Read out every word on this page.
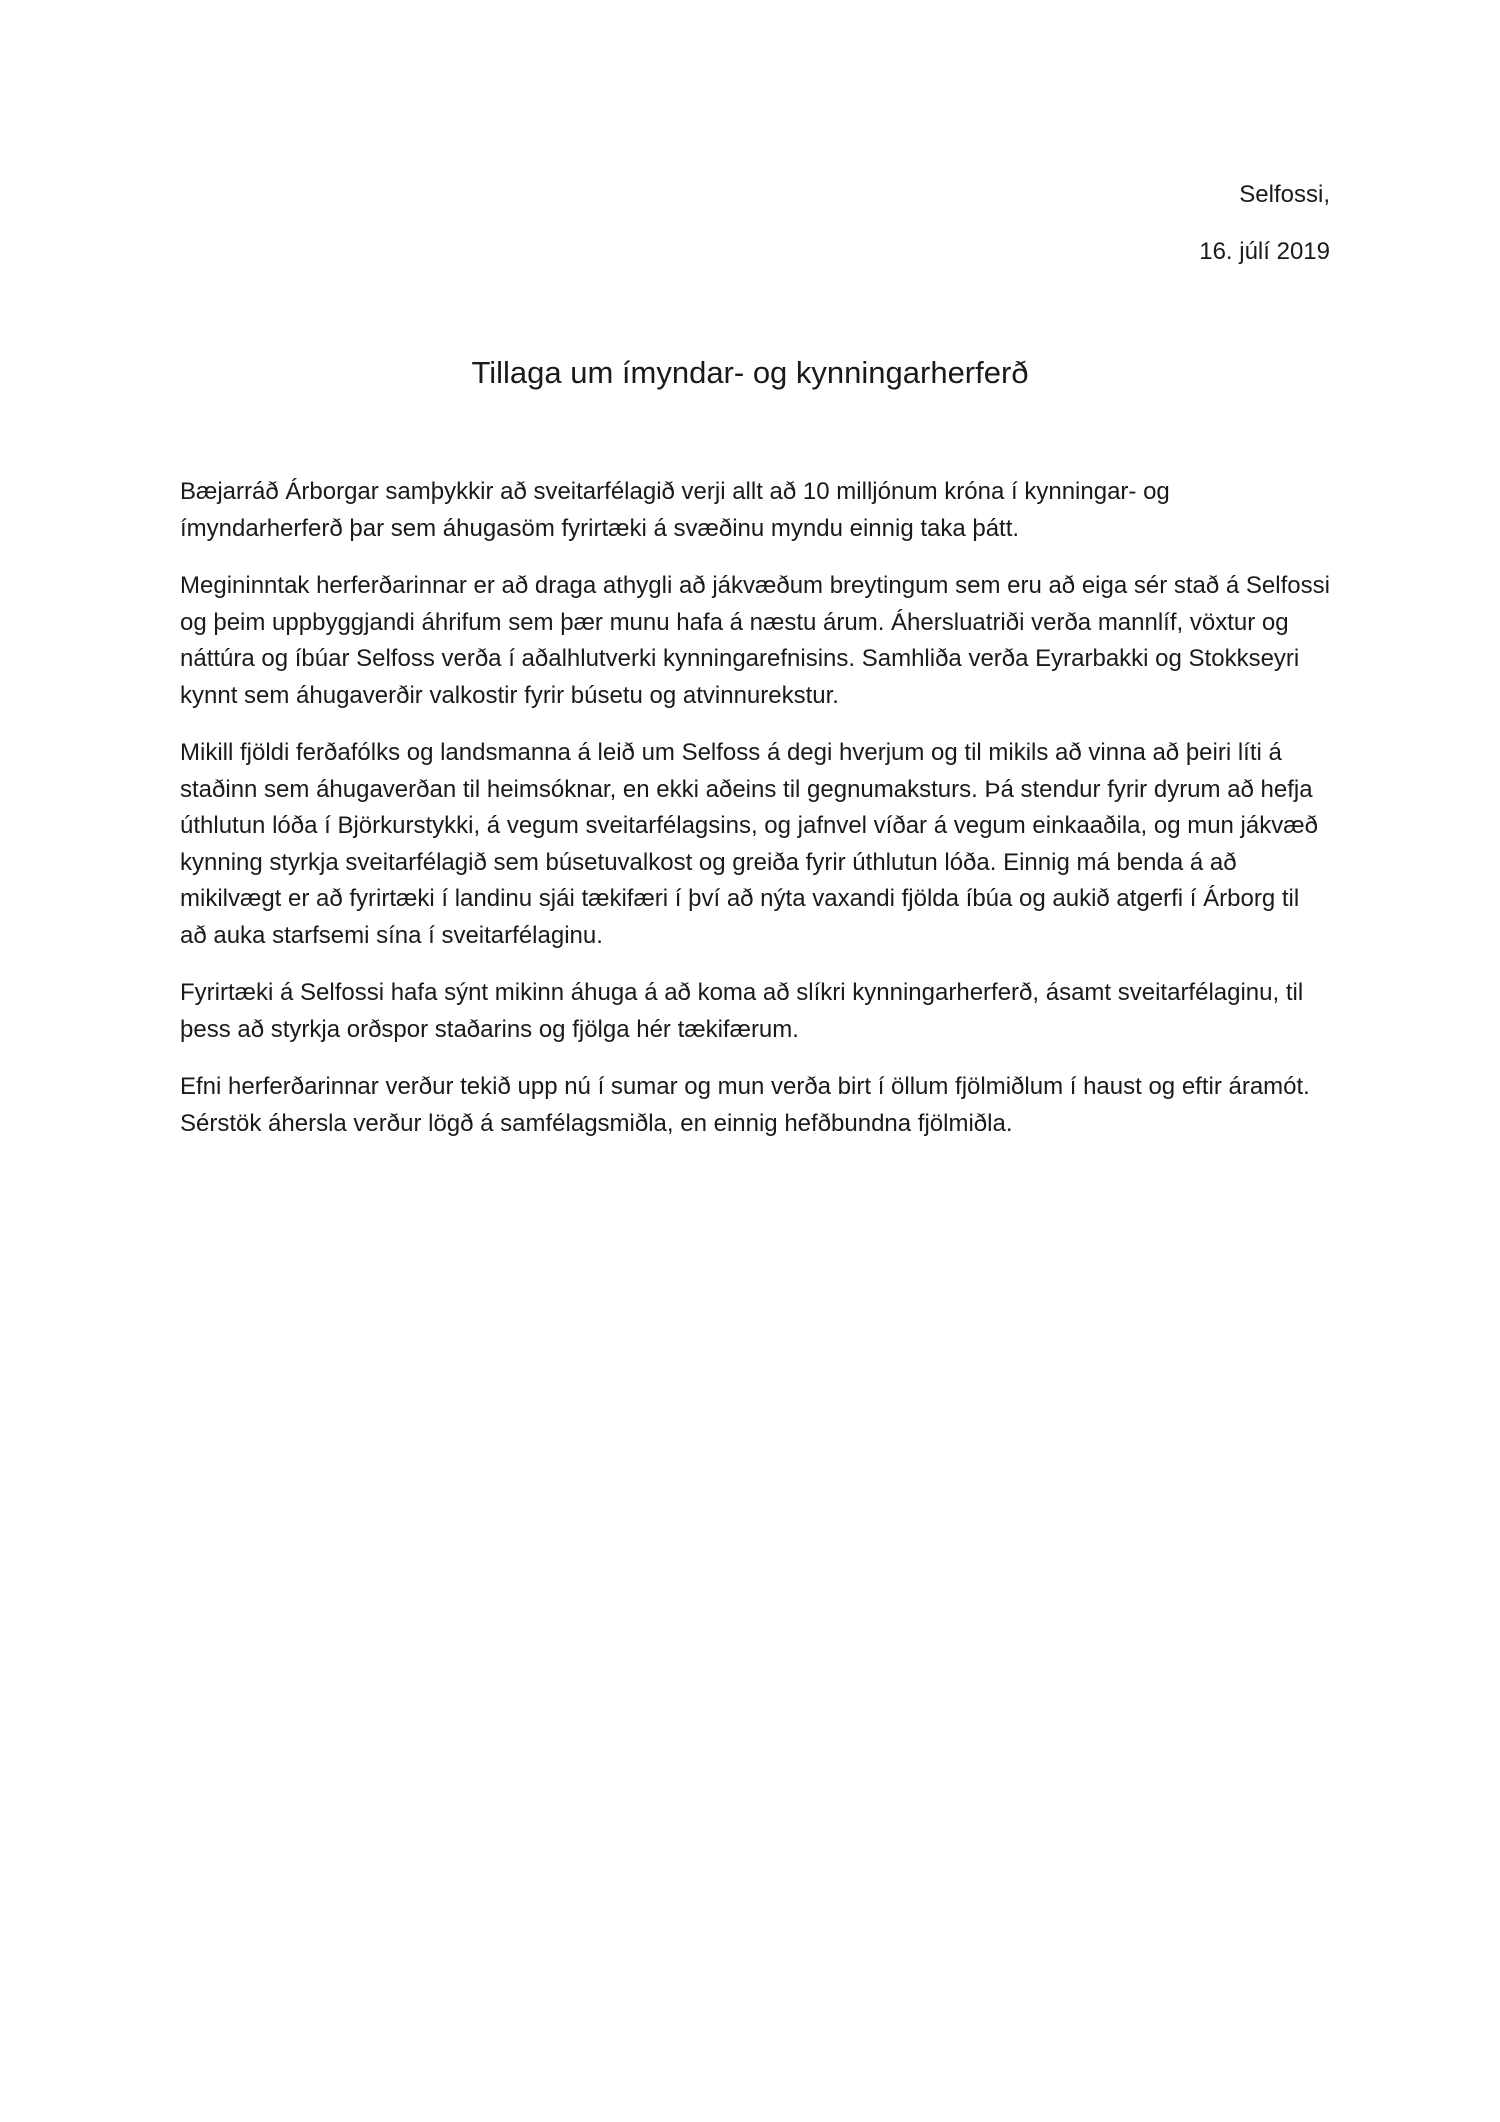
Selfossi,
16. júlí 2019
Tillaga um ímyndar- og kynningarherferð

Bæjarráð Árborgar samþykkir að sveitarfélagið verji allt að 10 milljónum króna í kynningar- og ímyndarherferð þar sem áhugasöm fyrirtæki á svæðinu myndu einnig taka þátt.

Megininntak herferðarinnar er að draga athygli að jákvæðum breytingum sem eru að eiga sér stað á Selfossi og þeim uppbyggjandi áhrifum sem þær munu hafa á næstu árum. Áhersluatriði verða mannlíf, vöxtur og náttúra og íbúar Selfoss verða í aðalhlutverki kynningarefnisins. Samhliða verða Eyrarbakki og Stokkseyri kynnt sem áhugaverðir valkostir fyrir búsetu og atvinnurekstur.

Mikill fjöldi ferðafólks og landsmanna á leið um Selfoss á degi hverjum og til mikils að vinna að þeiri líti á staðinn sem áhugaverðan til heimsóknar, en ekki aðeins til gegnumaksturs. Þá stendur fyrir dyrum að hefja úthlutun lóða í Björkurstykki, á vegum sveitarfélagsins, og jafnvel víðar á vegum einkaaðila, og mun jákvæð kynning styrkja sveitarfélagið sem búsetuvalkost og greiða fyrir úthlutun lóða. Einnig má benda á að mikilvægt er að fyrirtæki í landinu sjái tækifæri í því að nýta vaxandi fjölda íbúa og aukið atgerfi í Árborg til að auka starfsemi sína í sveitarfélaginu.

Fyrirtæki á Selfossi hafa sýnt mikinn áhuga á að koma að slíkri kynningarherferð, ásamt sveitarfélaginu, til þess að styrkja orðspor staðarins og fjölga hér tækifærum.

Efni herferðarinnar verður tekið upp nú í sumar og mun verða birt í öllum fjölmiðlum í haust og eftir áramót. Sérstök áhersla verður lögð á samfélagsmiðla, en einnig hefðbundna fjölmiðla.
